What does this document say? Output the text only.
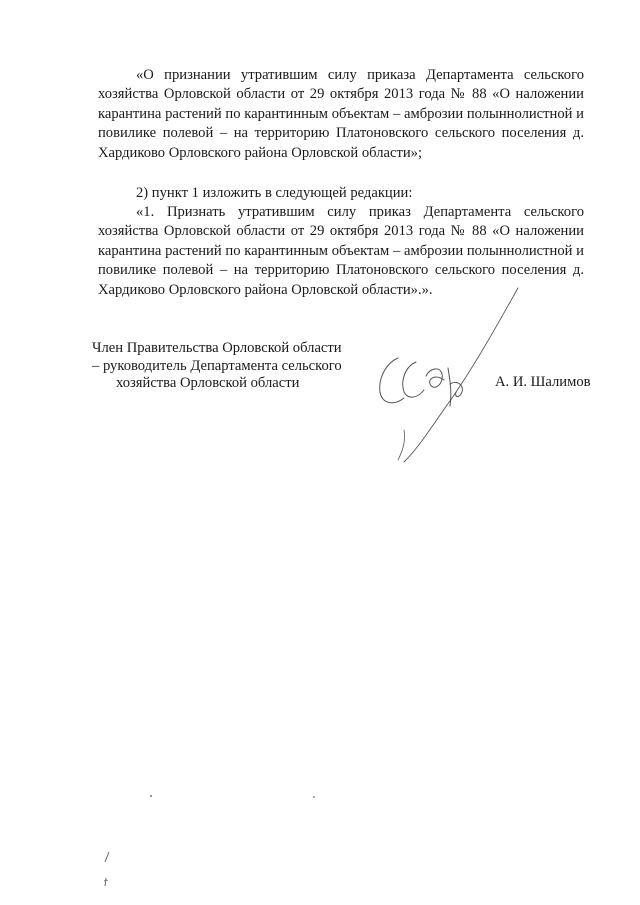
«О признании утратившим силу приказа Департамента сельского хозяйства Орловской области от 29 октября 2013 года № 88 «О наложении карантина растений по карантинным объектам – амброзии полыннолистной и повилике полевой – на территорию Платоновского сельского поселения д. Хардиково Орловского района Орловской области»;

2) пункт 1 изложить в следующей редакции:

«1. Признать утратившим силу приказ Департамента сельского хозяйства Орловской области от 29 октября 2013 года № 88 «О наложении карантина растений по карантинным объектам – амброзии полыннолистной и повилике полевой – на территорию Платоновского сельского поселения д. Хардиково Орловского района Орловской области».».

Член Правительства Орловской области
– руководитель Департамента сельского
хозяйства Орловской области	А. И. Шалимов
